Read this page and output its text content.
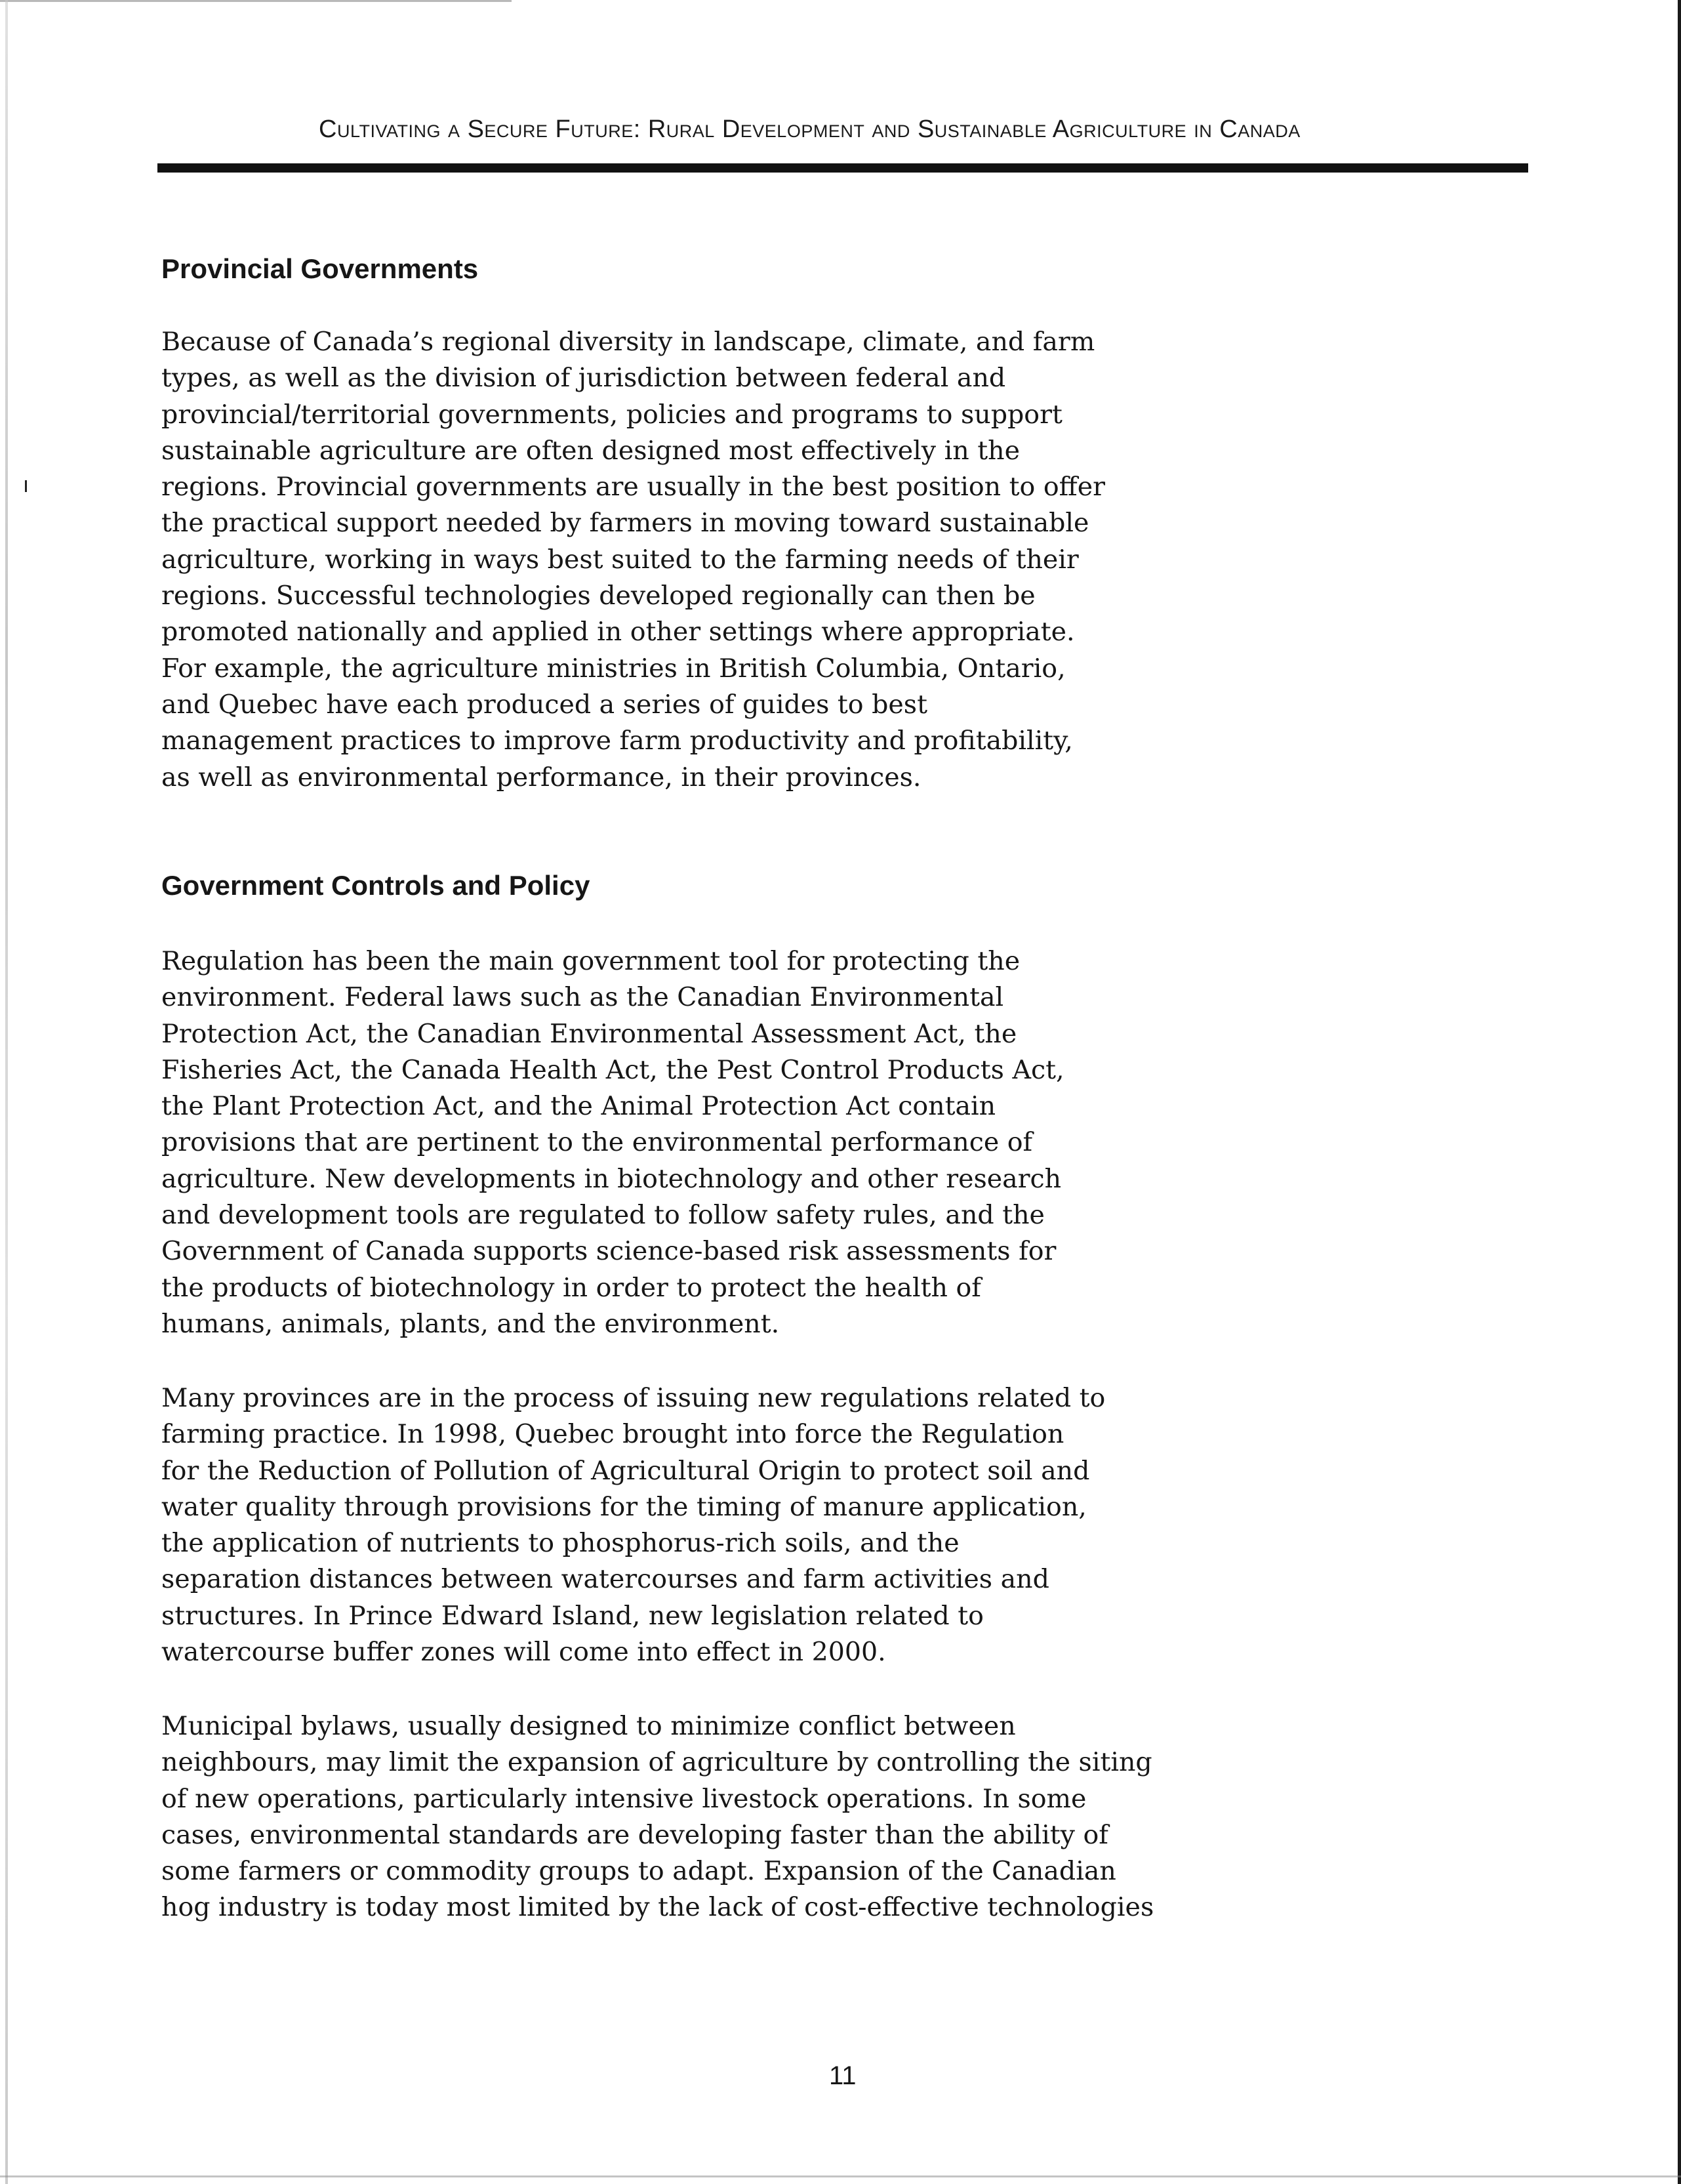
Cultivating a Secure Future: Rural Development and Sustainable Agriculture in Canada
Provincial Governments
Because of Canada’s regional diversity in landscape, climate, and farm
types, as well as the division of jurisdiction between federal and
provincial/territorial governments, policies and programs to support
sustainable agriculture are often designed most effectively in the
regions. Provincial governments are usually in the best position to offer
the practical support needed by farmers in moving toward sustainable
agriculture, working in ways best suited to the farming needs of their
regions. Successful technologies developed regionally can then be
promoted nationally and applied in other settings where appropriate.
For example, the agriculture ministries in British Columbia, Ontario,
and Quebec have each produced a series of guides to best
management practices to improve farm productivity and profitability,
as well as environmental performance, in their provinces.
Government Controls and Policy
Regulation has been the main government tool for protecting the
environment. Federal laws such as the Canadian Environmental
Protection Act, the Canadian Environmental Assessment Act, the
Fisheries Act, the Canada Health Act, the Pest Control Products Act,
the Plant Protection Act, and the Animal Protection Act contain
provisions that are pertinent to the environmental performance of
agriculture. New developments in biotechnology and other research
and development tools are regulated to follow safety rules, and the
Government of Canada supports science-based risk assessments for
the products of biotechnology in order to protect the health of
humans, animals, plants, and the environment.
Many provinces are in the process of issuing new regulations related to
farming practice. In 1998, Quebec brought into force the Regulation
for the Reduction of Pollution of Agricultural Origin to protect soil and
water quality through provisions for the timing of manure application,
the application of nutrients to phosphorus-rich soils, and the
separation distances between watercourses and farm activities and
structures. In Prince Edward Island, new legislation related to
watercourse buffer zones will come into effect in 2000.
Municipal bylaws, usually designed to minimize conflict between
neighbours, may limit the expansion of agriculture by controlling the siting
of new operations, particularly intensive livestock operations. In some
cases, environmental standards are developing faster than the ability of
some farmers or commodity groups to adapt. Expansion of the Canadian
hog industry is today most limited by the lack of cost-effective technologies
11
